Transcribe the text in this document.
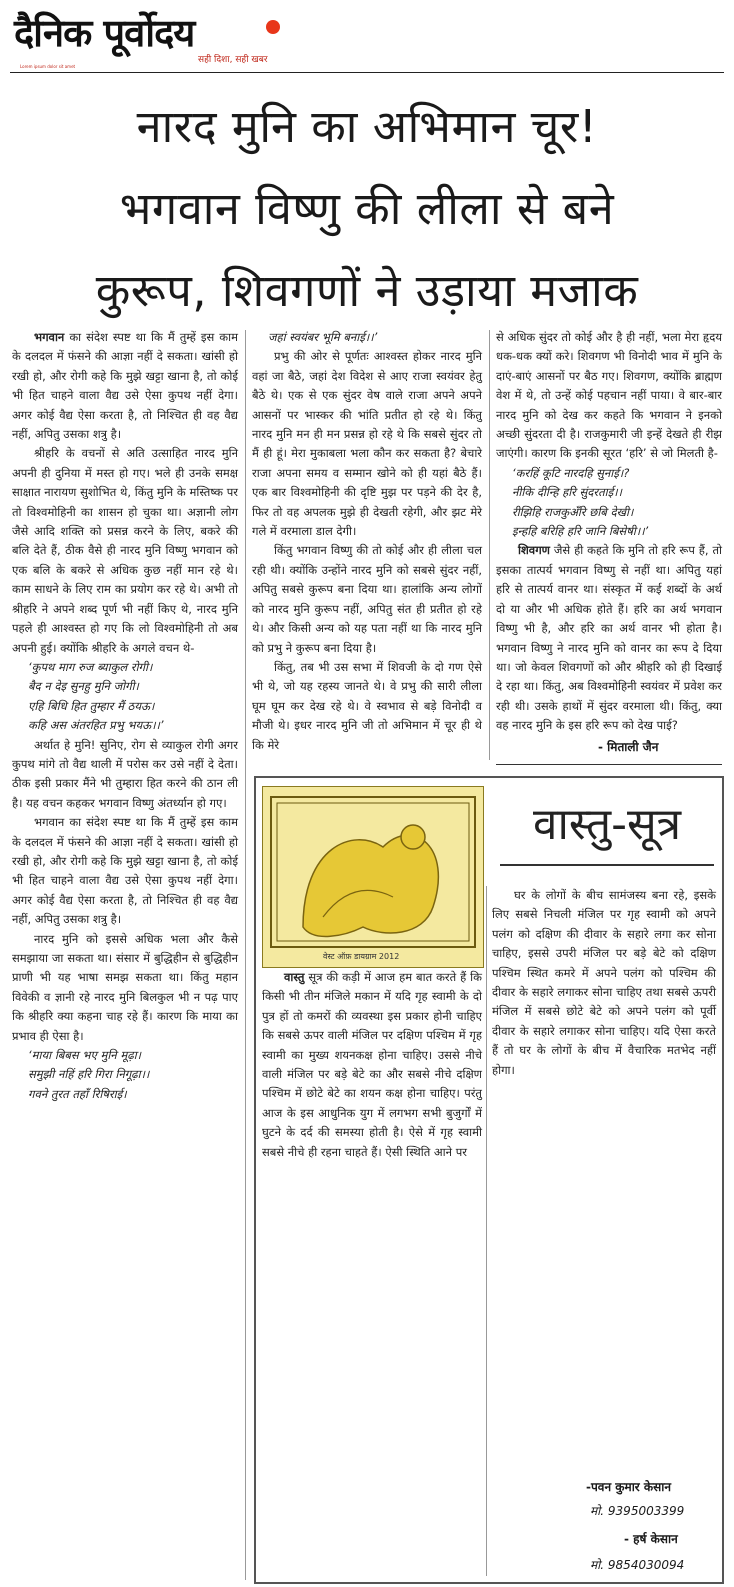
दैनिक पूर्वोदय
सही दिशा, सही खबर
Lorem ipsum dolor sit amet
नारद मुनि का अभिमान चूर!
भगवान विष्णु की लीला से बने
कुरूप, शिवगणों ने उड़ाया मजाक

भगवान का संदेश स्पष्ट था कि मैं तुम्हें इस काम के दलदल में फंसने की आज्ञा नहीं दे सकता। खांसी हो रखी हो, और रोगी कहे कि मुझे खट्टा खाना है, तो कोई भी हित चाहने वाला वैद्य उसे ऐसा कुपथ नहीं देगा। अगर कोई वैद्य ऐसा करता है, तो निश्चित ही वह वैद्य नहीं, अपितु उसका शत्रु है।

श्रीहरि के वचनों से अति उत्साहित नारद मुनि अपनी ही दुनिया में मस्त हो गए। भले ही उनके समक्ष साक्षात नारायण सुशोभित थे, किंतु मुनि के मस्तिष्क पर तो विश्वमोहिनी का शासन हो चुका था। अज्ञानी लोग जैसे आदि शक्ति को प्रसन्न करने के लिए, बकरे की बलि देते हैं, ठीक वैसे ही नारद मुनि विष्णु भगवान को एक बलि के बकरे से अधिक कुछ नहीं मान रहे थे। काम साधने के लिए राम का प्रयोग कर रहे थे। अभी तो श्रीहरि ने अपने शब्द पूर्ण भी नहीं किए थे, नारद मुनि पहले ही आश्वस्त हो गए कि लो विश्वमोहिनी तो अब अपनी हुई। क्योंकि श्रीहरि के अगले वचन थे-

‘कुपथ माग रुज ब्याकुल रोगी।

बैद न देइ सुनहु मुनि जोगी।

एहि बिधि हित तुम्हार मैं ठयऊ।

कहि अस अंतरहित प्रभु भयऊ।।’

अर्थात हे मुनि! सुनिए, रोग से व्याकुल रोगी अगर कुपथ मांगे तो वैद्य थाली में परोस कर उसे नहीं दे देता। ठीक इसी प्रकार मैंने भी तुम्हारा हित करने की ठान ली है। यह वचन कहकर भगवान विष्णु अंतर्ध्यान हो गए।

भगवान का संदेश स्पष्ट था कि मैं तुम्हें इस काम के दलदल में फंसने की आज्ञा नहीं दे सकता। खांसी हो रखी हो, और रोगी कहे कि मुझे खट्टा खाना है, तो कोई भी हित चाहने वाला वैद्य उसे ऐसा कुपथ नहीं देगा। अगर कोई वैद्य ऐसा करता है, तो निश्चित ही वह वैद्य नहीं, अपितु उसका शत्रु है।

नारद मुनि को इससे अधिक भला और कैसे समझाया जा सकता था। संसार में बुद्धिहीन से बुद्धिहीन प्राणी भी यह भाषा समझ सकता था। किंतु महान विवेकी व ज्ञानी रहे नारद मुनि बिलकुल भी न पढ़ पाए कि श्रीहरि क्या कहना चाह रहे हैं। कारण कि माया का प्रभाव ही ऐसा है।

‘माया बिबस भए मुनि मूढ़ा।

समुझी नहिं हरि गिरा निगूढ़ा।।

गवने तुरत तहाँ रिषिराई।

जहां स्वयंबर भूमि बनाई।।’

प्रभु की ओर से पूर्णतः आश्वस्त होकर नारद मुनि वहां जा बैठे, जहां देश विदेश से आए राजा स्वयंवर हेतु बैठे थे। एक से एक सुंदर वेष वाले राजा अपने अपने आसनों पर भास्कर की भांति प्रतीत हो रहे थे। किंतु नारद मुनि मन ही मन प्रसन्न हो रहे थे कि सबसे सुंदर तो मैं ही हूं। मेरा मुकाबला भला कौन कर सकता है? बेचारे राजा अपना समय व सम्मान खोने को ही यहां बैठे हैं। एक बार विश्वमोहिनी की दृष्टि मुझ पर पड़ने की देर है, फिर तो वह अपलक मुझे ही देखती रहेगी, और झट मेरे गले में वरमाला डाल देगी।

किंतु भगवान विष्णु की तो कोई और ही लीला चल रही थी। क्योंकि उन्होंने नारद मुनि को सबसे सुंदर नहीं, अपितु सबसे कुरूप बना दिया था। हालांकि अन्य लोगों को नारद मुनि कुरूप नहीं, अपितु संत ही प्रतीत हो रहे थे। और किसी अन्य को यह पता नहीं था कि नारद मुनि को प्रभु ने कुरूप बना दिया है।

किंतु, तब भी उस सभा में शिवजी के दो गण ऐसे भी थे, जो यह रहस्य जानते थे। वे प्रभु की सारी लीला घूम घूम कर देख रहे थे। वे स्वभाव से बड़े विनोदी व मौजी थे। इधर नारद मुनि जी तो अभिमान में चूर ही थे कि मेरे

से अधिक सुंदर तो कोई और है ही नहीं, भला मेरा हृदय धक-धक क्यों करे। शिवगण भी विनोदी भाव में मुनि के दाएं-बाएं आसनों पर बैठ गए। शिवगण, क्योंकि ब्राह्मण वेश में थे, तो उन्हें कोई पहचान नहीं पाया। वे बार-बार नारद मुनि को देख कर कहते कि भगवान ने इनको अच्छी सुंदरता दी है। राजकुमारी जी इन्हें देखते ही रीझ जाएंगी। कारण कि इनकी सूरत ‘हरि’ से जो मिलती है-

‘करहिं कूटि नारदहि सुनाई।?

नीकि दीन्हि हरि सुंदरताई।।

रीझिहि राजकुअँरि छबि देखी।

इन्हहि बरिहि हरि जानि बिसेषी।।’

शिवगण जैसे ही कहते कि मुनि तो हरि रूप हैं, तो इसका तात्पर्य भगवान विष्णु से नहीं था। अपितु यहां हरि से तात्पर्य वानर था। संस्कृत में कई शब्दों के अर्थ दो या और भी अधिक होते हैं। हरि का अर्थ भगवान विष्णु भी है, और हरि का अर्थ वानर भी होता है। भगवान विष्णु ने नारद मुनि को वानर का रूप दे दिया था। जो केवल शिवगणों को और श्रीहरि को ही दिखाई दे रहा था। किंतु, अब विश्वमोहिनी स्वयंवर में प्रवेश कर रही थी। उसके हाथों में सुंदर वरमाला थी। किंतु, क्या वह नारद मुनि के इस हरि रूप को देख पाई?

- मिताली जैन
वेस्ट ऑफ़ डायग्राम 2012
वास्तु-सूत्र

वास्तु सूत्र की कड़ी में आज हम बात करते हैं कि किसी भी तीन मंजिले मकान में यदि गृह स्वामी के दो पुत्र हों तो कमरों की व्यवस्था इस प्रकार होनी चाहिए कि सबसे ऊपर वाली मंजिल पर दक्षिण पश्चिम में गृह स्वामी का मुख्य शयनकक्ष होना चाहिए। उससे नीचे वाली मंजिल पर बड़े बेटे का और सबसे नीचे दक्षिण पश्चिम में छोटे बेटे का शयन कक्ष होना चाहिए। परंतु आज के इस आधुनिक युग में लगभग सभी बुजुर्गों में घुटने के दर्द की समस्या होती है। ऐसे में गृह स्वामी सबसे नीचे ही रहना चाहते हैं। ऐसी स्थिति आने पर

घर के लोगों के बीच सामंजस्य बना रहे, इसके लिए सबसे निचली मंजिल पर गृह स्वामी को अपने पलंग को दक्षिण की दीवार के सहारे लगा कर सोना चाहिए, इससे उपरी मंजिल पर बड़े बेटे को दक्षिण पश्चिम स्थित कमरे में अपने पलंग को पश्चिम की दीवार के सहारे लगाकर सोना चाहिए तथा सबसे ऊपरी मंजिल में सबसे छोटे बेटे को अपने पलंग को पूर्वी दीवार के सहारे लगाकर सोना चाहिए। यदि ऐसा करते हैं तो घर के लोगों के बीच में वैचारिक मतभेद नहीं होगा।

-पवन कुमार केसान
मो. 9395003399
- हर्ष केसान
मो. 9854030094
